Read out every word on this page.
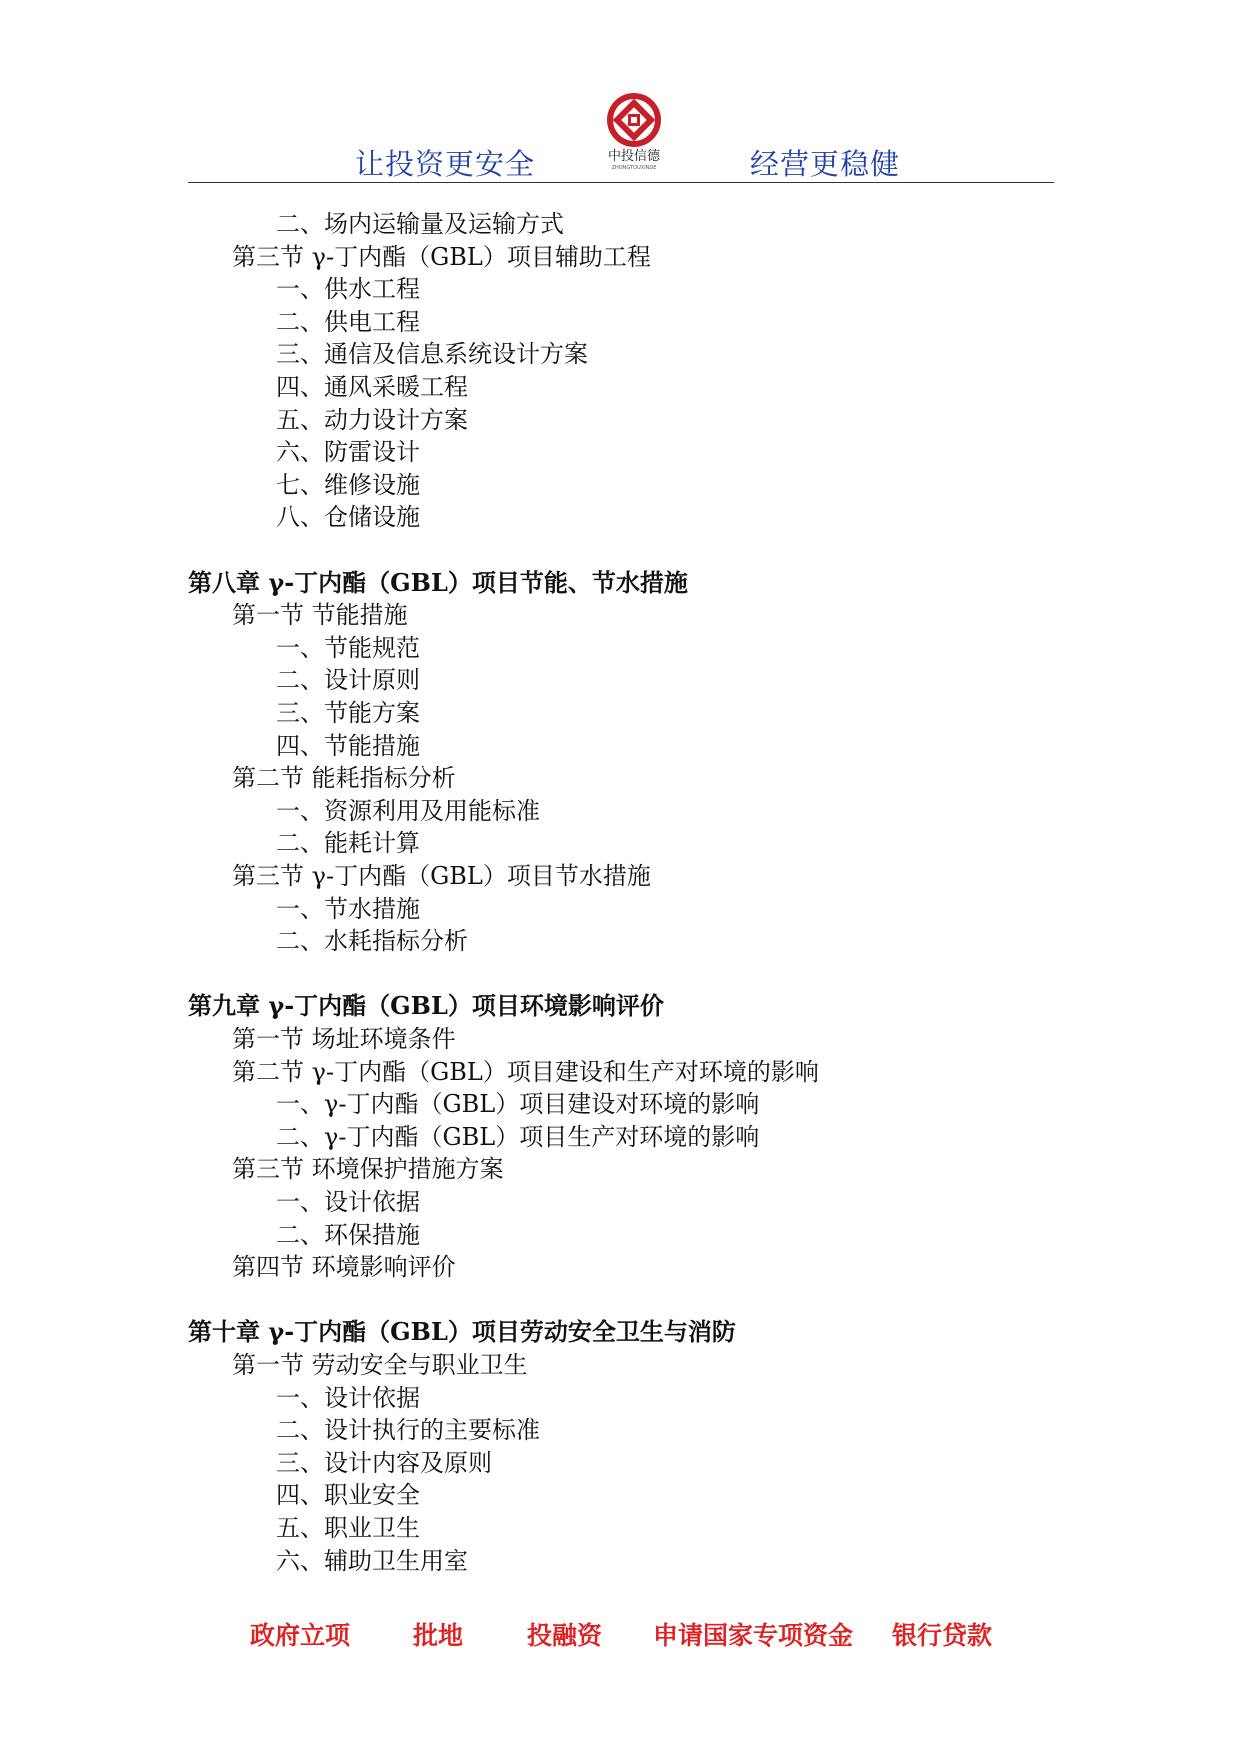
让投资更安全	中投信德
ZHONGTOUXINDE	经营更稳健
二、场内运输量及运输方式
第三节 γ-丁内酯（GBL）项目辅助工程
一、供水工程
二、供电工程
三、通信及信息系统设计方案
四、通风采暖工程
五、动力设计方案
六、防雷设计
七、维修设施
八、仓储设施
第八章 γ-丁内酯（GBL）项目节能、节水措施
第一节 节能措施
一、节能规范
二、设计原则
三、节能方案
四、节能措施
第二节 能耗指标分析
一、资源利用及用能标准
二、能耗计算
第三节 γ-丁内酯（GBL）项目节水措施
一、节水措施
二、水耗指标分析
第九章 γ-丁内酯（GBL）项目环境影响评价
第一节 场址环境条件
第二节 γ-丁内酯（GBL）项目建设和生产对环境的影响
一、γ-丁内酯（GBL）项目建设对环境的影响
二、γ-丁内酯（GBL）项目生产对环境的影响
第三节 环境保护措施方案
一、设计依据
二、环保措施
第四节 环境影响评价
第十章 γ-丁内酯（GBL）项目劳动安全卫生与消防
第一节 劳动安全与职业卫生
一、设计依据
二、设计执行的主要标准
三、设计内容及原则
四、职业安全
五、职业卫生
六、辅助卫生用室
政府立项	批地	投融资 申请国家专项资金 银行贷款
